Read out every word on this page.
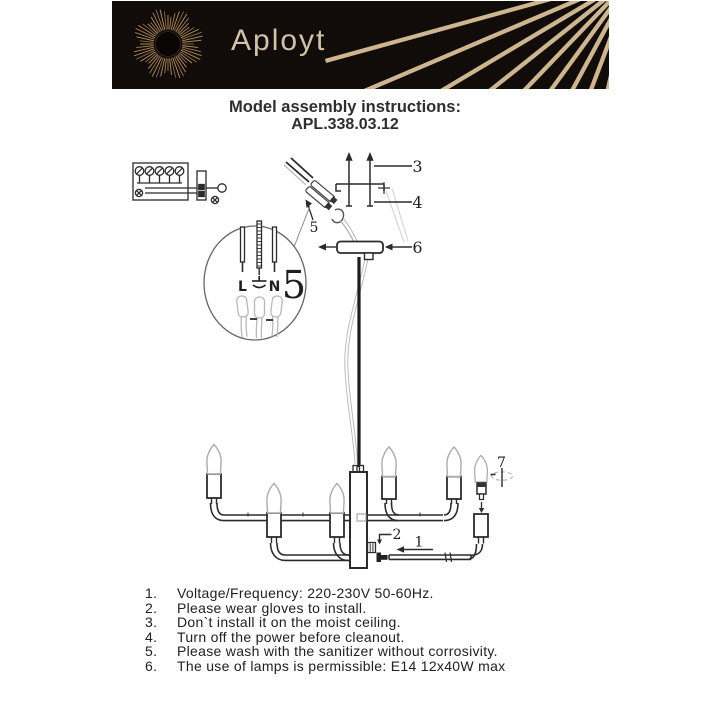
Aployt
Model assembly instructions:
APL.338.03.12
3
4
6
5
1
2
7
5
L N
1.	Voltage/Frequency: 220-230V 50-60Hz.
2.	Please wear gloves to install.
3.	Don`t install it on the moist ceiling.
4.	Turn off the power before cleanout.
5.	Please wash with the sanitizer without corrosivity.
6.	The use of lamps is permissible: E14 12x40W max
